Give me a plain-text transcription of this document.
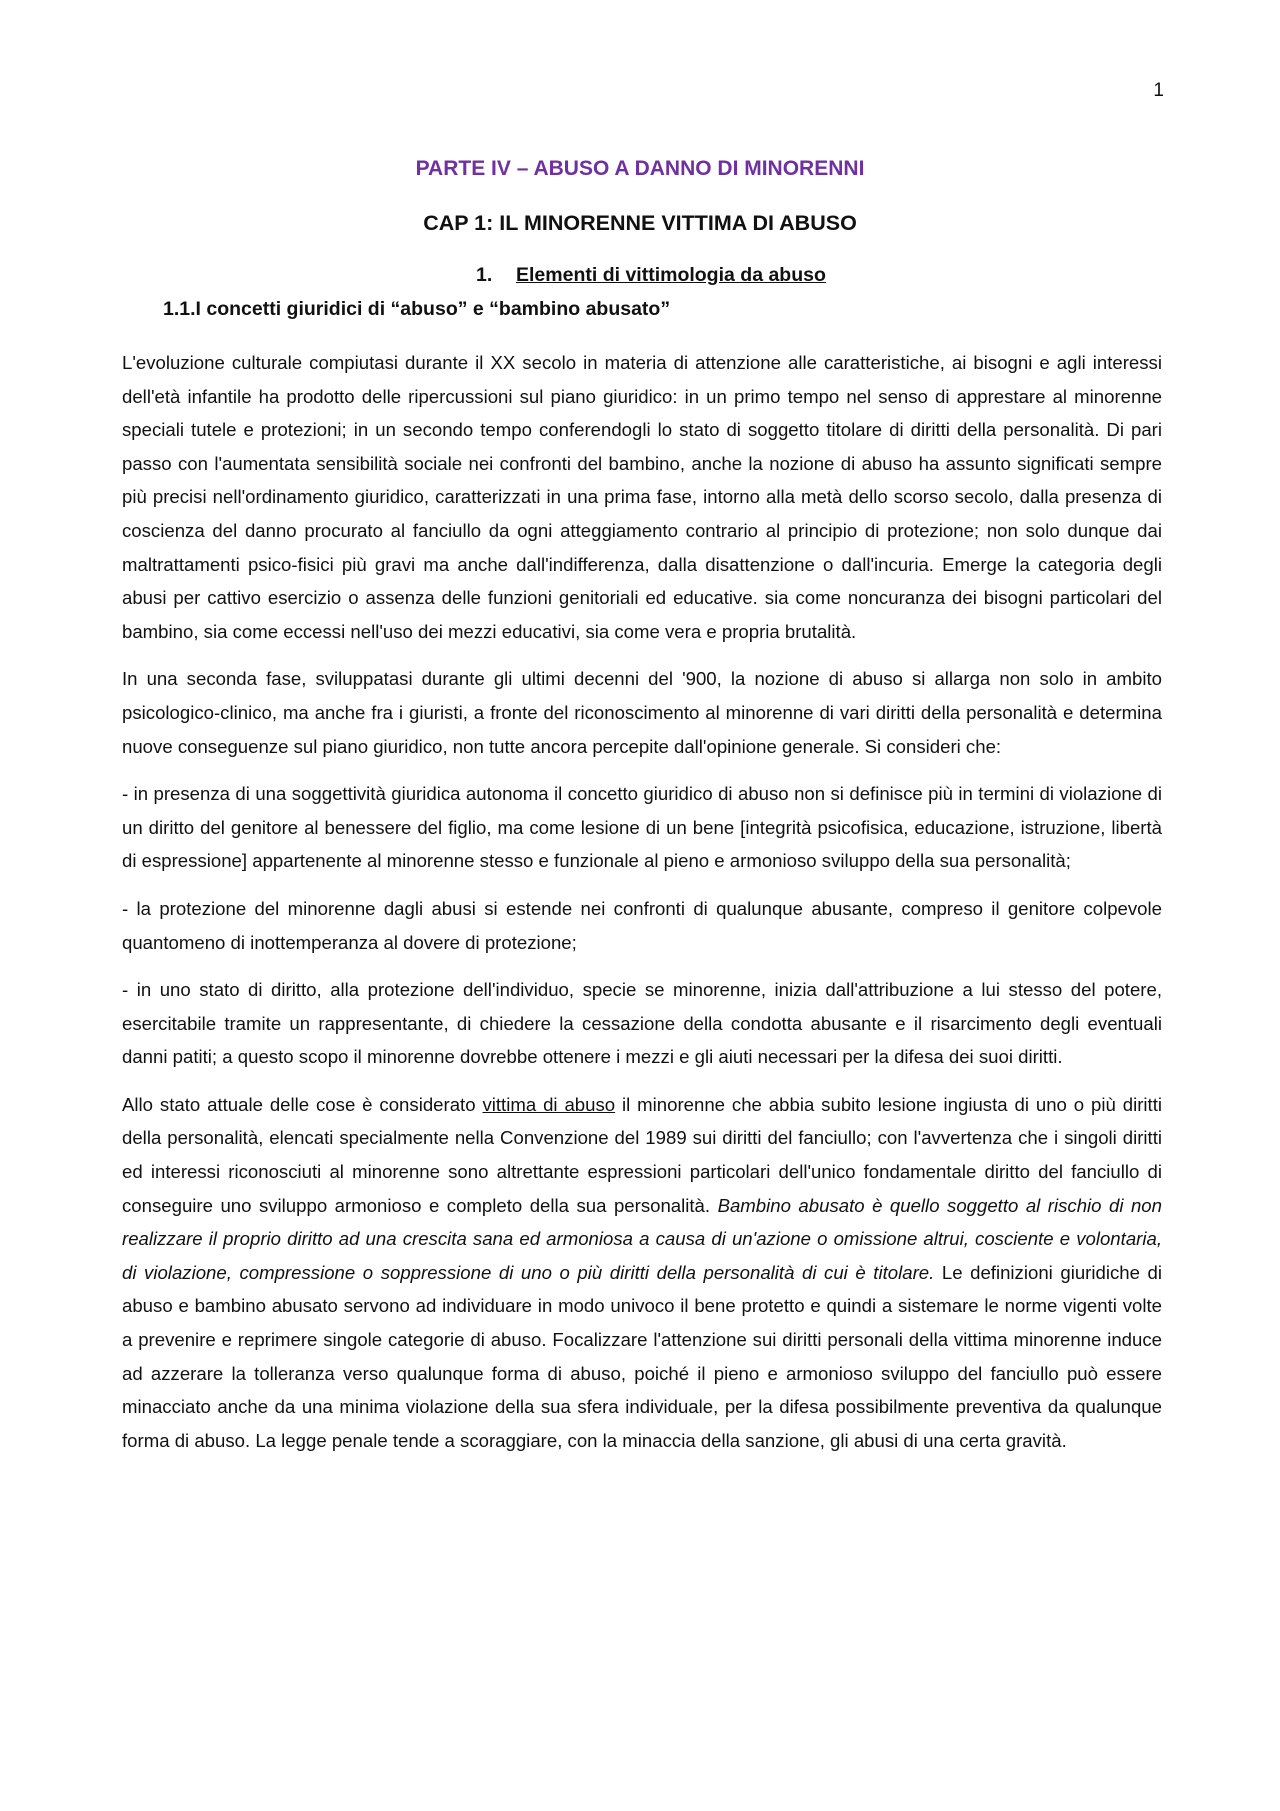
1
PARTE IV – ABUSO A DANNO DI MINORENNI
CAP 1: IL MINORENNE VITTIMA DI ABUSO
1. Elementi di vittimologia da abuso
1.1.I concetti giuridici di “abuso” e “bambino abusato”

L'evoluzione culturale compiutasi durante il XX secolo in materia di attenzione alle caratteristiche, ai bisogni e agli interessi dell'età infantile ha prodotto delle ripercussioni sul piano giuridico: in un primo tempo nel senso di apprestare al minorenne speciali tutele e protezioni; in un secondo tempo conferendogli lo stato di soggetto titolare di diritti della personalità. Di pari passo con l'aumentata sensibilità sociale nei confronti del bambino, anche la nozione di abuso ha assunto significati sempre più precisi nell'ordinamento giuridico, caratterizzati in una prima fase, intorno alla metà dello scorso secolo, dalla presenza di coscienza del danno procurato al fanciullo da ogni atteggiamento contrario al principio di protezione; non solo dunque dai maltrattamenti psico-fisici più gravi ma anche dall'indifferenza, dalla disattenzione o dall'incuria. Emerge la categoria degli abusi per cattivo esercizio o assenza delle funzioni genitoriali ed educative. sia come noncuranza dei bisogni particolari del bambino, sia come eccessi nell'uso dei mezzi educativi, sia come vera e propria brutalità.

In una seconda fase, sviluppatasi durante gli ultimi decenni del '900, la nozione di abuso si allarga non solo in ambito psicologico-clinico, ma anche fra i giuristi, a fronte del riconoscimento al minorenne di vari diritti della personalità e determina nuove conseguenze sul piano giuridico, non tutte ancora percepite dall'opinione generale. Si consideri che:

- in presenza di una soggettività giuridica autonoma il concetto giuridico di abuso non si definisce più in termini di violazione di un diritto del genitore al benessere del figlio, ma come lesione di un bene [integrità psicofisica, educazione, istruzione, libertà di espressione] appartenente al minorenne stesso e funzionale al pieno e armonioso sviluppo della sua personalità;

- la protezione del minorenne dagli abusi si estende nei confronti di qualunque abusante, compreso il genitore colpevole quantomeno di inottemperanza al dovere di protezione;

- in uno stato di diritto, alla protezione dell'individuo, specie se minorenne, inizia dall'attribuzione a lui stesso del potere, esercitabile tramite un rappresentante, di chiedere la cessazione della condotta abusante e il risarcimento degli eventuali danni patiti; a questo scopo il minorenne dovrebbe ottenere i mezzi e gli aiuti necessari per la difesa dei suoi diritti.

Allo stato attuale delle cose è considerato vittima di abuso il minorenne che abbia subito lesione ingiusta di uno o più diritti della personalità, elencati specialmente nella Convenzione del 1989 sui diritti del fanciullo; con l'avvertenza che i singoli diritti ed interessi riconosciuti al minorenne sono altrettante espressioni particolari dell'unico fondamentale diritto del fanciullo di conseguire uno sviluppo armonioso e completo della sua personalità. Bambino abusato è quello soggetto al rischio di non realizzare il proprio diritto ad una crescita sana ed armoniosa a causa di un'azione o omissione altrui, cosciente e volontaria, di violazione, compressione o soppressione di uno o più diritti della personalità di cui è titolare. Le definizioni giuridiche di abuso e bambino abusato servono ad individuare in modo univoco il bene protetto e quindi a sistemare le norme vigenti volte a prevenire e reprimere singole categorie di abuso. Focalizzare l'attenzione sui diritti personali della vittima minorenne induce ad azzerare la tolleranza verso qualunque forma di abuso, poiché il pieno e armonioso sviluppo del fanciullo può essere minacciato anche da una minima violazione della sua sfera individuale, per la difesa possibilmente preventiva da qualunque forma di abuso. La legge penale tende a scoraggiare, con la minaccia della sanzione, gli abusi di una certa gravità.
